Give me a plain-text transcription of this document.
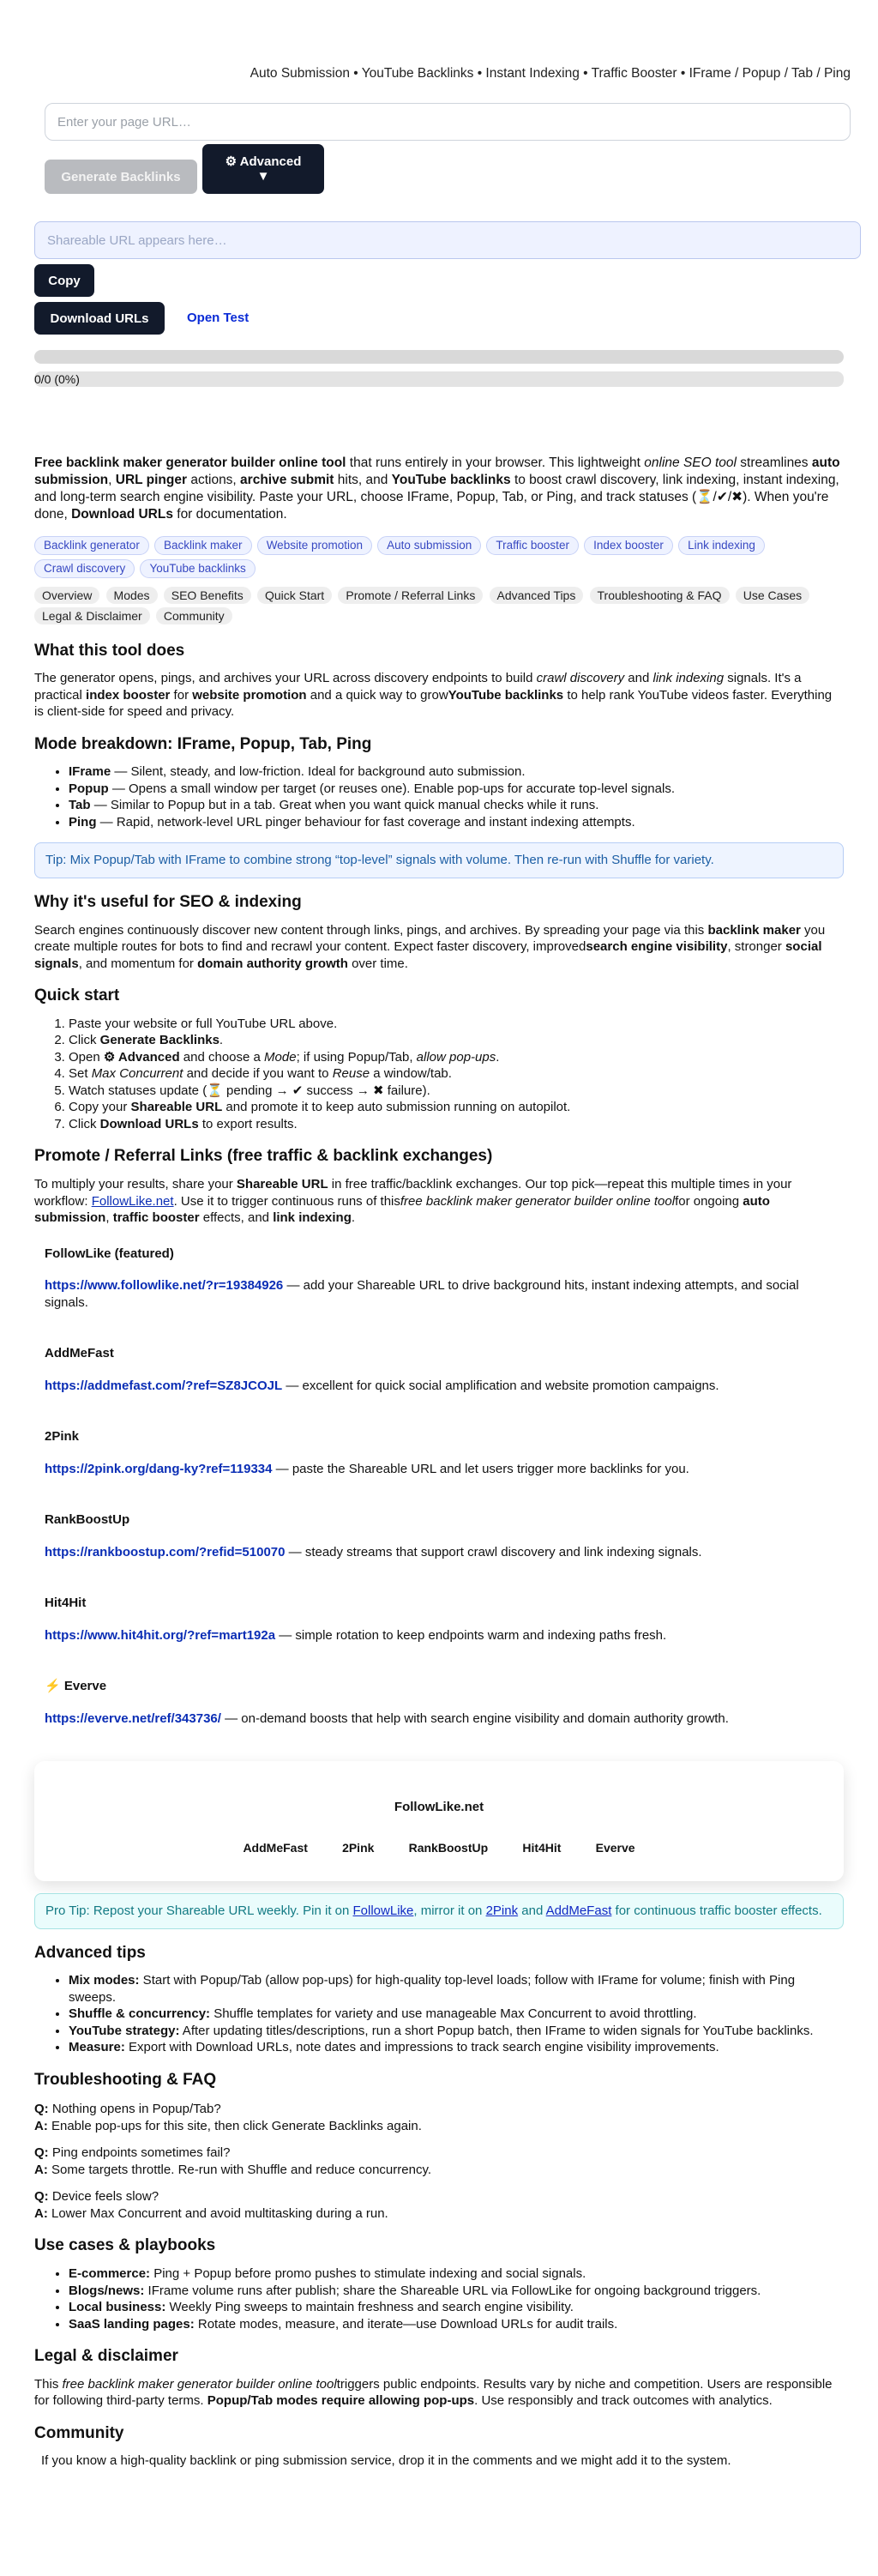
Auto Submission • YouTube Backlinks • Instant Indexing • Traffic Booster • IFrame / Popup / Tab / Ping
Enter your page URL…
Generate Backlinks
⚙ Advanced
▼
Shareable URL appears here…
Copy
Download URLs	Open Test
0/0 (0%)

Free backlink maker generator builder online tool that runs entirely in your browser. This lightweight online SEO tool streamlines auto submission, URL pinger actions, archive submit hits, and YouTube backlinks to boost crawl discovery, link indexing, instant indexing, and long-term search engine visibility. Paste your URL, choose IFrame, Popup, Tab, or Ping, and track statuses (⏳/✔/✖). When you're done, Download URLs for documentation.

Backlink generator Backlink maker Website promotion Auto submission Traffic booster Index booster Link indexing Crawl discovery YouTube backlinks
Overview Modes SEO Benefits Quick Start Promote / Referral Links Advanced Tips Troubleshooting & FAQ Use Cases Legal & Disclaimer Community
What this tool does

The generator opens, pings, and archives your URL across discovery endpoints to build crawl discovery and link indexing signals. It's a practical index booster for website promotion and a quick way to growYouTube backlinks to help rank YouTube videos faster. Everything is client-side for speed and privacy.

Mode breakdown: IFrame, Popup, Tab, Ping
• IFrame — Silent, steady, and low-friction. Ideal for background auto submission.
• Popup — Opens a small window per target (or reuses one). Enable pop-ups for accurate top-level signals.
• Tab — Similar to Popup but in a tab. Great when you want quick manual checks while it runs.
• Ping — Rapid, network-level URL pinger behaviour for fast coverage and instant indexing attempts.
Tip: Mix Popup/Tab with IFrame to combine strong “top-level” signals with volume. Then re-run with Shuffle for variety.
Why it's useful for SEO & indexing

Search engines continuously discover new content through links, pings, and archives. By spreading your page via this backlink maker you create multiple routes for bots to find and recrawl your content. Expect faster discovery, improvedsearch engine visibility, stronger social signals, and momentum for domain authority growth over time.

Quick start
1. Paste your website or full YouTube URL above.
2. Click Generate Backlinks.
3. Open ⚙ Advanced and choose a Mode; if using Popup/Tab, allow pop-ups.
4. Set Max Concurrent and decide if you want to Reuse a window/tab.
5. Watch statuses update (⏳ pending → ✔ success → ✖ failure).
6. Copy your Shareable URL and promote it to keep auto submission running on autopilot.
7. Click Download URLs to export results.
Promote / Referral Links (free traffic & backlink exchanges)

To multiply your results, share your Shareable URL in free traffic/backlink exchanges. Our top pick—repeat this multiple times in your workflow: FollowLike.net. Use it to trigger continuous runs of thisfree backlink maker generator builder online toolfor ongoing auto submission, traffic booster effects, and link indexing.

FollowLike (featured)
https://www.followlike.net/?r=19384926 — add your Shareable URL to drive background hits, instant indexing attempts, and social signals.
AddMeFast
https://addmefast.com/?ref=SZ8JCOJL — excellent for quick social amplification and website promotion campaigns.
2Pink
https://2pink.org/dang-ky?ref=119334 — paste the Shareable URL and let users trigger more backlinks for you.
RankBoostUp
https://rankboostup.com/?refid=510070 — steady streams that support crawl discovery and link indexing signals.
Hit4Hit
https://www.hit4hit.org/?ref=mart192a — simple rotation to keep endpoints warm and indexing paths fresh.
⚡ Everve
https://everve.net/ref/343736/ — on-demand boosts that help with search engine visibility and domain authority growth.
FollowLike.net
AddMeFast	2Pink	RankBoostUp	Hit4Hit	Everve
Pro Tip: Repost your Shareable URL weekly. Pin it on FollowLike, mirror it on 2Pink and AddMeFast for continuous traffic booster effects.
Advanced tips
• Mix modes: Start with Popup/Tab (allow pop-ups) for high-quality top-level loads; follow with IFrame for volume; finish with Ping sweeps.
• Shuffle & concurrency: Shuffle templates for variety and use manageable Max Concurrent to avoid throttling.
• YouTube strategy: After updating titles/descriptions, run a short Popup batch, then IFrame to widen signals for YouTube backlinks.
• Measure: Export with Download URLs, note dates and impressions to track search engine visibility improvements.
Troubleshooting & FAQ

Q: Nothing opens in Popup/Tab?

A: Enable pop-ups for this site, then click Generate Backlinks again.

Q: Ping endpoints sometimes fail?

A: Some targets throttle. Re-run with Shuffle and reduce concurrency.

Q: Device feels slow?

A: Lower Max Concurrent and avoid multitasking during a run.

Use cases & playbooks
• E-commerce: Ping + Popup before promo pushes to stimulate indexing and social signals.
• Blogs/news: IFrame volume runs after publish; share the Shareable URL via FollowLike for ongoing background triggers.
• Local business: Weekly Ping sweeps to maintain freshness and search engine visibility.
• SaaS landing pages: Rotate modes, measure, and iterate—use Download URLs for audit trails.
Legal & disclaimer

This free backlink maker generator builder online tooltriggers public endpoints. Results vary by niche and competition. Users are responsible for following third-party terms. Popup/Tab modes require allowing pop-ups. Use responsibly and track outcomes with analytics.

Community

If you know a high-quality backlink or ping submission service, drop it in the comments and we might add it to the system.
